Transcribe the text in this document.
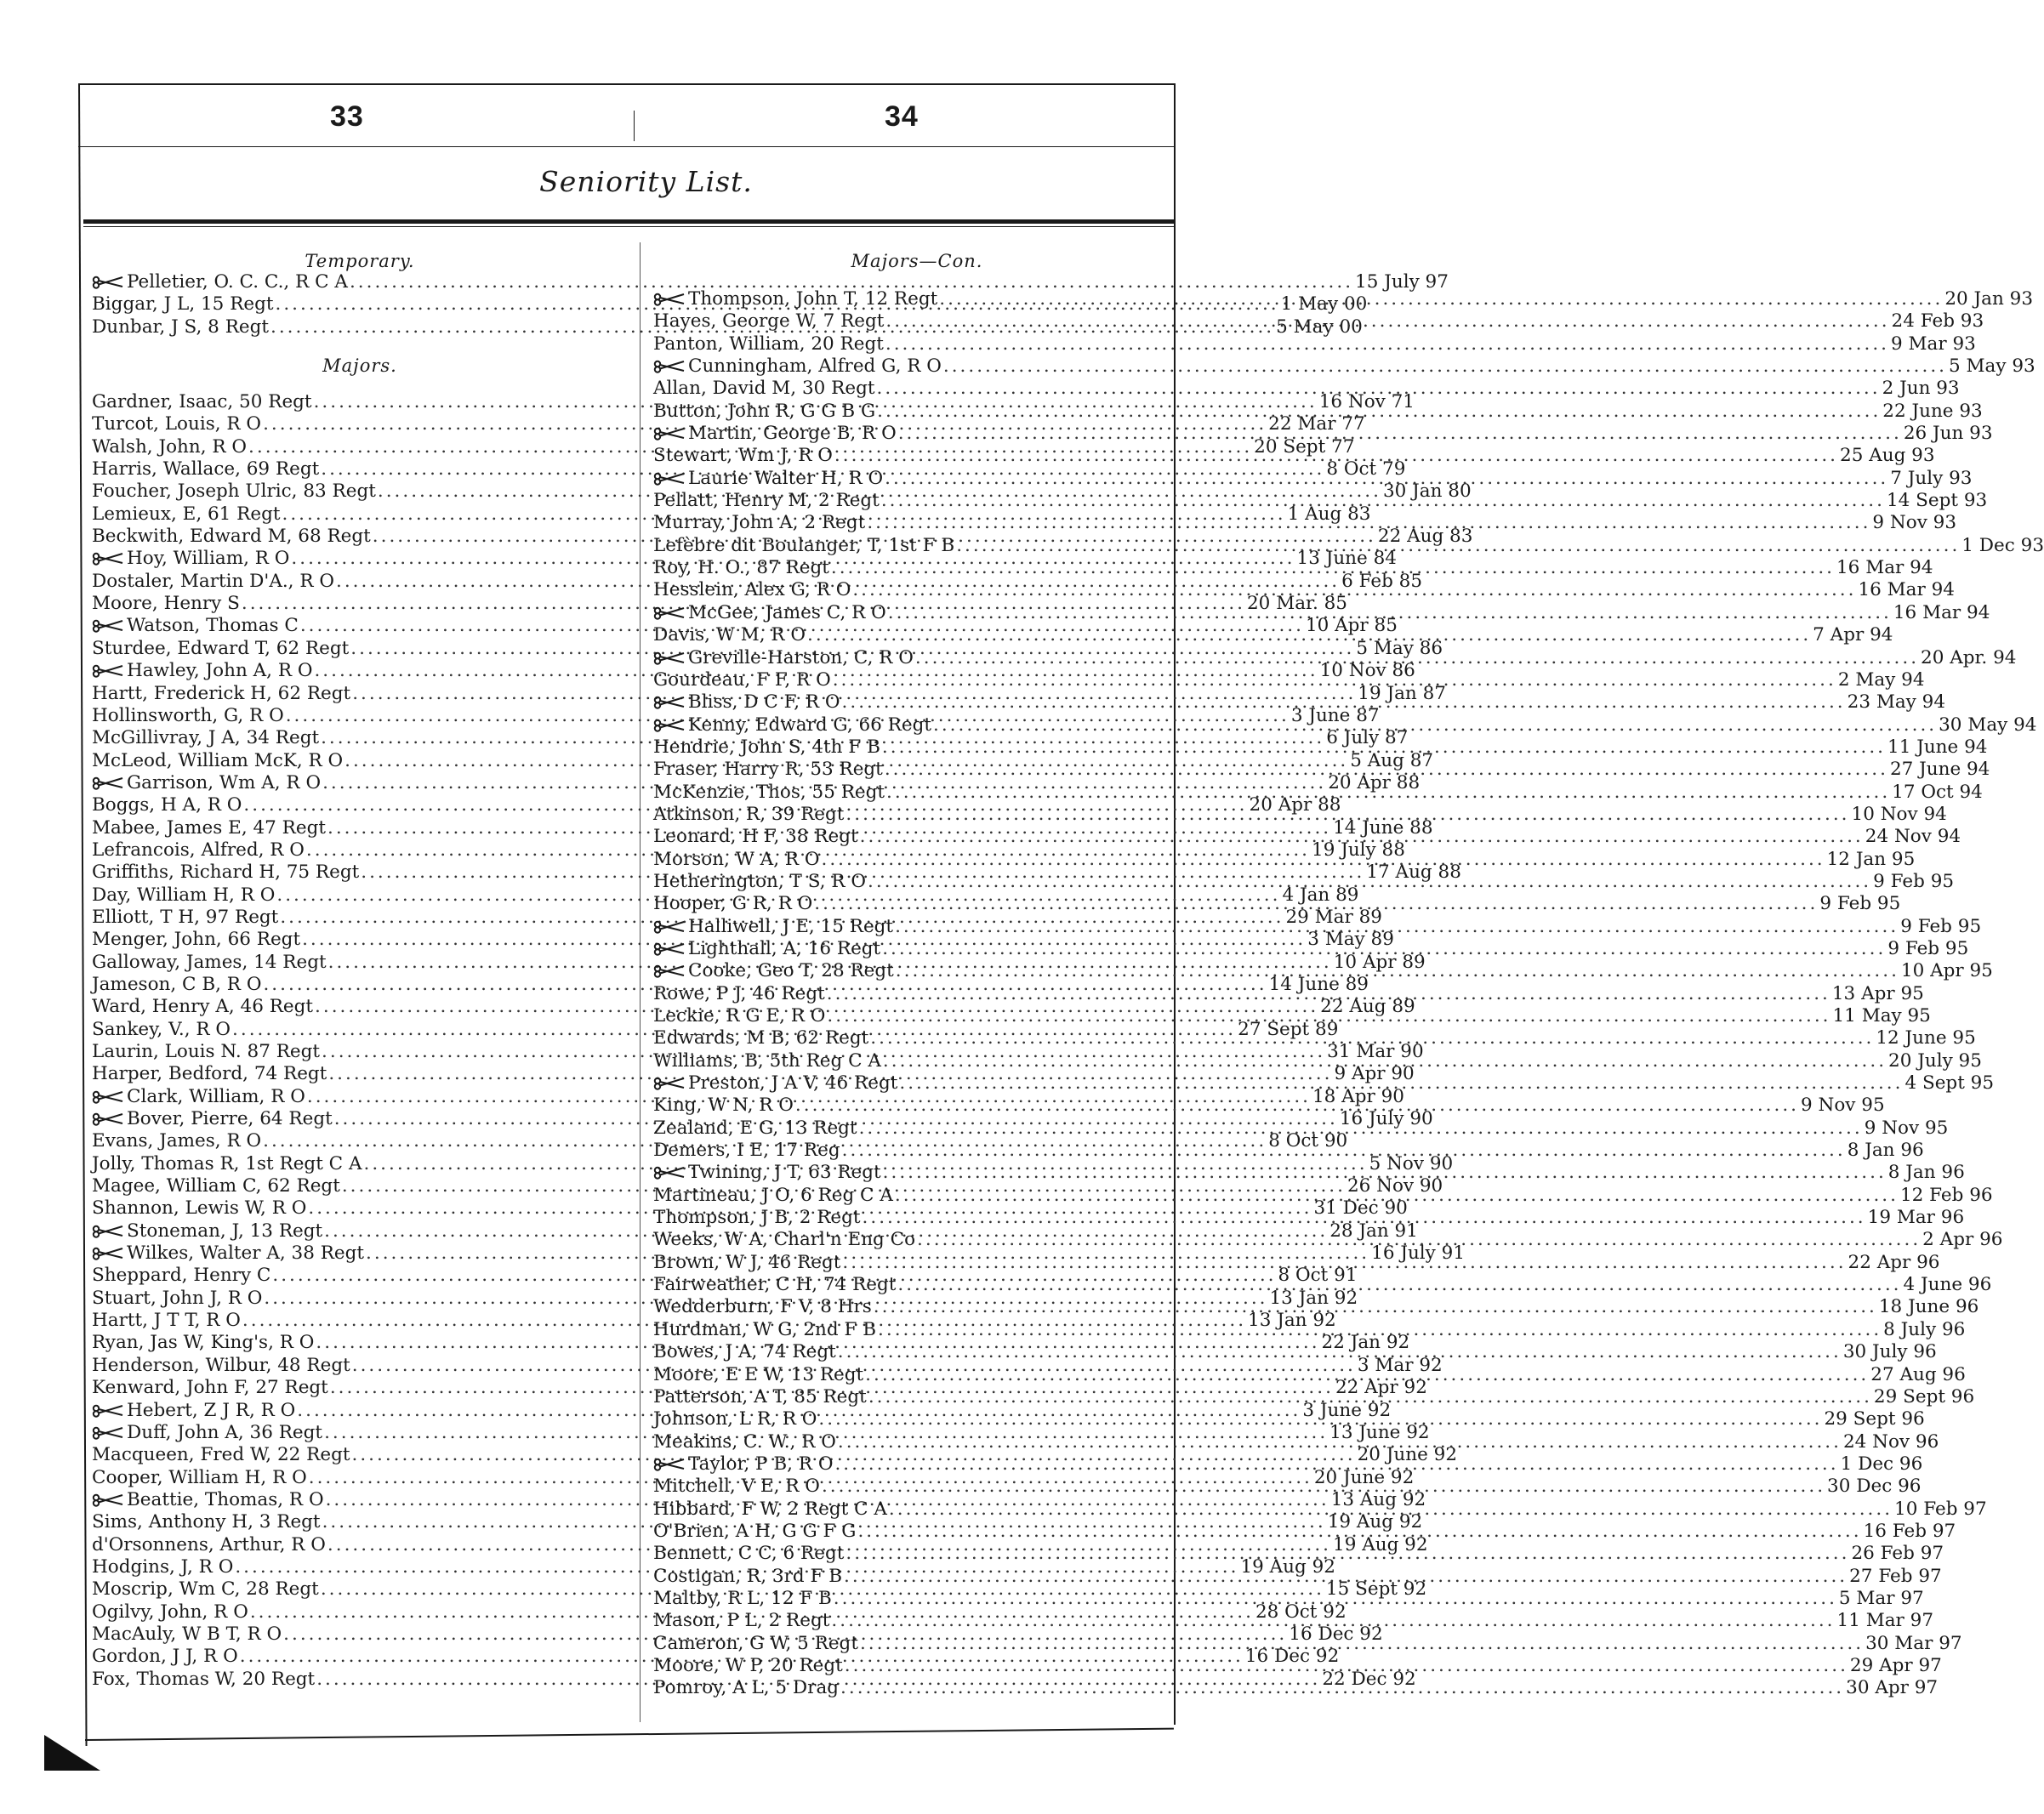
33	34
Seniority List.
Temporary.
Pelletier, O. C. C., R C A .....	15 July 97
Biggar, J L, 15 Regt .....	1 May 00
Dunbar, J S, 8 Regt .....	5 May 00
Majors.
Gardner, Isaac, 50 Regt .....	16 Nov 71
Turcot, Louis, R O .....	22 Mar 77
Walsh, John, R O .....	20 Sept 77
Harris, Wallace, 69 Regt .....	8 Oct 79
Foucher, Joseph Ulric, 83 Regt .....	30 Jan 80
Lemieux, E, 61 Regt .....	1 Aug 83
Beckwith, Edward M, 68 Regt .....	22 Aug 83
Hoy, William, R O .....	13 June 84
Dostaler, Martin D'A., R O .....	6 Feb 85
Moore, Henry S .....	20 Mar. 85
Watson, Thomas C .....	10 Apr 85
Sturdee, Edward T, 62 Regt .....	5 May 86
Hawley, John A, R O .....	10 Nov 86
Hartt, Frederick H, 62 Regt .....	19 Jan 87
Hollinsworth, G, R O .....	3 June 87
McGillivray, J A, 34 Regt .....	6 July 87
McLeod, William McK, R O .....	5 Aug 87
Garrison, Wm A, R O .....	20 Apr 88
Boggs, H A, R O .....	20 Apr 88
Mabee, James E, 47 Regt .....	14 June 88
Lefrancois, Alfred, R O .....	19 July 88
Griffiths, Richard H, 75 Regt .....	17 Aug 88
Day, William H, R O .....	4 Jan 89
Elliott, T H, 97 Regt .....	29 Mar 89
Menger, John, 66 Regt .....	3 May 89
Galloway, James, 14 Regt .....	10 Apr 89
Jameson, C B, R O .....	14 June 89
Ward, Henry A, 46 Regt .....	22 Aug 89
Sankey, V., R O .....	27 Sept 89
Laurin, Louis N. 87 Regt .....	31 Mar 90
Harper, Bedford, 74 Regt .....	9 Apr 90
Clark, William, R O .....	18 Apr 90
Bover, Pierre, 64 Regt .....	16 July 90
Evans, James, R O .....	8 Oct 90
Jolly, Thomas R, 1st Regt C A .....	5 Nov 90
Magee, William C, 62 Regt .....	26 Nov 90
Shannon, Lewis W, R O .....	31 Dec 90
Stoneman, J, 13 Regt .....	28 Jan 91
Wilkes, Walter A, 38 Regt .....	16 July 91
Sheppard, Henry C .....	8 Oct 91
Stuart, John J, R O .....	13 Jan 92
Hartt, J T T, R O .....	13 Jan 92
Ryan, Jas W, King's, R O .....	22 Jan 92
Henderson, Wilbur, 48 Regt .....	3 Mar 92
Kenward, John F, 27 Regt .....	22 Apr 92
Hebert, Z J R, R O .....	3 June 92
Duff, John A, 36 Regt .....	13 June 92
Macqueen, Fred W, 22 Regt .....	20 June 92
Cooper, William H, R O .....	20 June 92
Beattie, Thomas, R O .....	13 Aug 92
Sims, Anthony H, 3 Regt .....	19 Aug 92
d'Orsonnens, Arthur, R O .....	19 Aug 92
Hodgins, J, R O .....	19 Aug 92
Moscrip, Wm C, 28 Regt .....	15 Sept 92
Ogilvy, John, R O .....	28 Oct 92
MacAuly, W B T, R O .....	16 Dec 92
Gordon, J J, R O .....	16 Dec 92
Fox, Thomas W, 20 Regt .....	22 Dec 92
Majors—Con.
Thompson, John T, 12 Regt .....	20 Jan 93
Hayes, George W, 7 Regt .....	24 Feb 93
Panton, William, 20 Regt .....	9 Mar 93
Cunningham, Alfred G, R O .....	5 May 93
Allan, David M, 30 Regt .....	2 Jun 93
Button, John R, G G B G .....	22 June 93
Martin, George B, R O .....	26 Jun 93
Stewart, Wm J, R O .....	25 Aug 93
Laurie Walter H, R O .....	7 July 93
Pellatt, Henry M, 2 Regt .....	14 Sept 93
Murray, John A, 2 Regt .....	9 Nov 93
Lefèbre dit Boulanger, T, 1st F B .....	1 Dec 93
Roy, H. O., 87 Regt .....	16 Mar 94
Hesslein, Alex G, R O .....	16 Mar 94
McGee, James C, R O .....	16 Mar 94
Davis, W M, R O .....	7 Apr 94
Greville-Harston, C, R O .....	20 Apr. 94
Gourdeau, F F, R O .....	2 May 94
Bliss, D C F, R O .....	23 May 94
Kenny, Edward G, 66 Regt .....	30 May 94
Hendrie, John S, 4th F B .....	11 June 94
Fraser, Harry R, 53 Regt .....	27 June 94
McKenzie, Thos, 55 Regt .....	17 Oct 94
Atkinson, R, 39 Regt .....	10 Nov 94
Leonard, H F, 38 Regt .....	24 Nov 94
Morson, W A, R O .....	12 Jan 95
Hetherington, T S, R O .....	9 Feb 95
Hooper, G R, R O .....	9 Feb 95
Halliwell, J E, 15 Regt .....	9 Feb 95
Lighthall, A, 16 Regt .....	9 Feb 95
Cooke, Geo T, 28 Regt .....	10 Apr 95
Rowe, P J, 46 Regt .....	13 Apr 95
Leckie, R G E, R O .....	11 May 95
Edwards, M B, 62 Regt .....	12 June 95
Williams, B, 5th Reg C A .....	20 July 95
Preston, J A V, 46 Regt .....	4 Sept 95
King, W N, R O .....	9 Nov 95
Zealand, E G, 13 Regt .....	9 Nov 95
Demers, I E, 17 Reg .....	8 Jan 96
Twining, J T, 63 Regt .....	8 Jan 96
Martineau, J O, 6 Reg C A .....	12 Feb 96
Thompson, J B, 2 Regt .....	19 Mar 96
Weeks, W A, Charl'n Eng Co .....	2 Apr 96
Brown, W J, 46 Regt .....	22 Apr 96
Fairweather, C H, 74 Regt .....	4 June 96
Wedderburn, F V, 8 Hrs .....	18 June 96
Hurdman, W G, 2nd F B .....	8 July 96
Bowes, J A, 74 Regt .....	30 July 96
Moore, E E W, 13 Regt .....	27 Aug 96
Patterson, A T, 85 Regt .....	29 Sept 96
Johnson, L R, R O .....	29 Sept 96
Meakins, C. W., R O .....	24 Nov 96
Taylor, P B, R O .....	1 Dec 96
Mitchell, V E, R O .....	30 Dec 96
Hibbard, F W, 2 Regt C A .....	10 Feb 97
O'Brien, A H, G G F G .....	16 Feb 97
Bennett, C C, 6 Regt .....	26 Feb 97
Costigan, R, 3rd F B .....	27 Feb 97
Maltby, R L, 12 F B .....	5 Mar 97
Mason, P L, 2 Regt .....	11 Mar 97
Cameron, G W, 5 Regt .....	30 Mar 97
Moore, W P, 20 Regt .....	29 Apr 97
Pomroy, A L, 5 Drag .....	30 Apr 97
